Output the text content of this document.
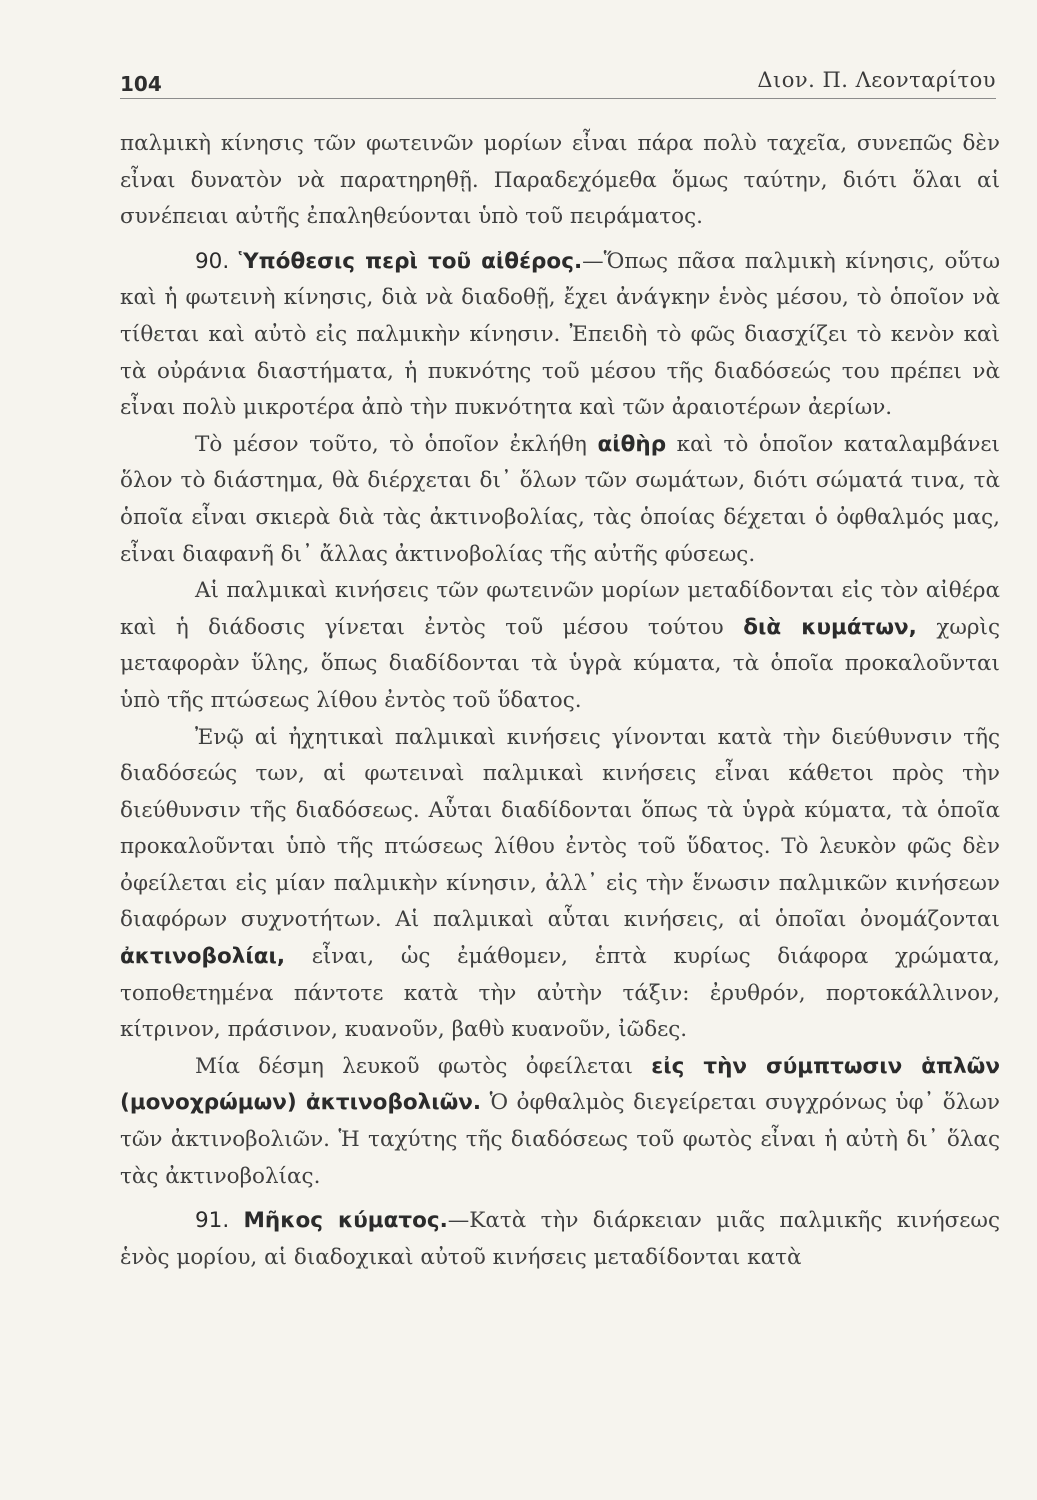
104	Διον. Π. Λεονταρίτου

παλμικὴ κίνησις τῶν φωτεινῶν μορίων εἶναι πάρα πολὺ ταχεῖα, συνεπῶς δὲν εἶναι δυνατὸν νὰ παρατηρηθῇ. Παραδεχόμεθα ὅμως ταύτην, διότι ὅλαι αἱ συνέπειαι αὐτῆς ἐπαληθεύονται ὑπὸ τοῦ πειράματος.

90. Ὑπόθεσις περὶ τοῦ αἰθέρος.—Ὅπως πᾶσα παλμικὴ κίνησις, οὕτω καὶ ἡ φωτεινὴ κίνησις, διὰ νὰ διαδοθῇ, ἔχει ἀνάγκην ἑνὸς μέσου, τὸ ὁποῖον νὰ τίθεται καὶ αὐτὸ εἰς παλμικὴν κίνησιν. Ἐπειδὴ τὸ φῶς διασχίζει τὸ κενὸν καὶ τὰ οὐράνια διαστήματα, ἡ πυκνότης τοῦ μέσου τῆς διαδόσεώς του πρέπει νὰ εἶναι πολὺ μικροτέρα ἀπὸ τὴν πυκνότητα καὶ τῶν ἀραιοτέρων ἀερίων.

Τὸ μέσον τοῦτο, τὸ ὁποῖον ἐκλήθη αἰθὴρ καὶ τὸ ὁποῖον καταλαμβάνει ὅλον τὸ διάστημα, θὰ διέρχεται δι᾿ ὅλων τῶν σωμάτων, διότι σώματά τινα, τὰ ὁποῖα εἶναι σκιερὰ διὰ τὰς ἀκτινοβολίας, τὰς ὁποίας δέχεται ὁ ὀφθαλμός μας, εἶναι διαφανῆ δι᾿ ἄλλας ἀκτινοβολίας τῆς αὐτῆς φύσεως.

Αἱ παλμικαὶ κινήσεις τῶν φωτεινῶν μορίων μεταδίδονται εἰς τὸν αἰθέρα καὶ ἡ διάδοσις γίνεται ἐντὸς τοῦ μέσου τούτου διὰ κυμάτων, χωρὶς μεταφορὰν ὕλης, ὅπως διαδίδονται τὰ ὑγρὰ κύματα, τὰ ὁποῖα προκαλοῦνται ὑπὸ τῆς πτώσεως λίθου ἐντὸς τοῦ ὕδατος.

Ἐνῷ αἱ ἠχητικαὶ παλμικαὶ κινήσεις γίνονται κατὰ τὴν διεύθυνσιν τῆς διαδόσεώς των, αἱ φωτειναὶ παλμικαὶ κινήσεις εἶναι κάθετοι πρὸς τὴν διεύθυνσιν τῆς διαδόσεως. Αὗται διαδίδονται ὅπως τὰ ὑγρὰ κύματα, τὰ ὁποῖα προκαλοῦνται ὑπὸ τῆς πτώσεως λίθου ἐντὸς τοῦ ὕδατος. Τὸ λευκὸν φῶς δὲν ὀφείλεται εἰς μίαν παλμικὴν κίνησιν, ἀλλ᾿ εἰς τὴν ἕνωσιν παλμικῶν κινήσεων διαφόρων συχνοτήτων. Αἱ παλμικαὶ αὗται κινήσεις, αἱ ὁποῖαι ὀνομάζονται ἀκτινοβολίαι, εἶναι, ὡς ἐμάθομεν, ἑπτὰ κυρίως διάφορα χρώματα, τοποθετημένα πάντοτε κατὰ τὴν αὐτὴν τάξιν: ἐρυθρόν, πορτοκάλλινον, κίτρινον, πράσινον, κυανοῦν, βαθὺ κυανοῦν, ἰῶδες.

Μία δέσμη λευκοῦ φωτὸς ὀφείλεται εἰς τὴν σύμπτωσιν ἁπλῶν (μονοχρώμων) ἀκτινοβολιῶν. Ὁ ὀφθαλμὸς διεγείρεται συγχρόνως ὑφ᾿ ὅλων τῶν ἀκτινοβολιῶν. Ἡ ταχύτης τῆς διαδόσεως τοῦ φωτὸς εἶναι ἡ αὐτὴ δι᾿ ὅλας τὰς ἀκτινοβολίας.

91. Μῆκος κύματος.—Κατὰ τὴν διάρκειαν μιᾶς παλμικῆς κινήσεως ἑνὸς μορίου, αἱ διαδοχικαὶ αὐτοῦ κινήσεις μεταδίδονται κατὰ
